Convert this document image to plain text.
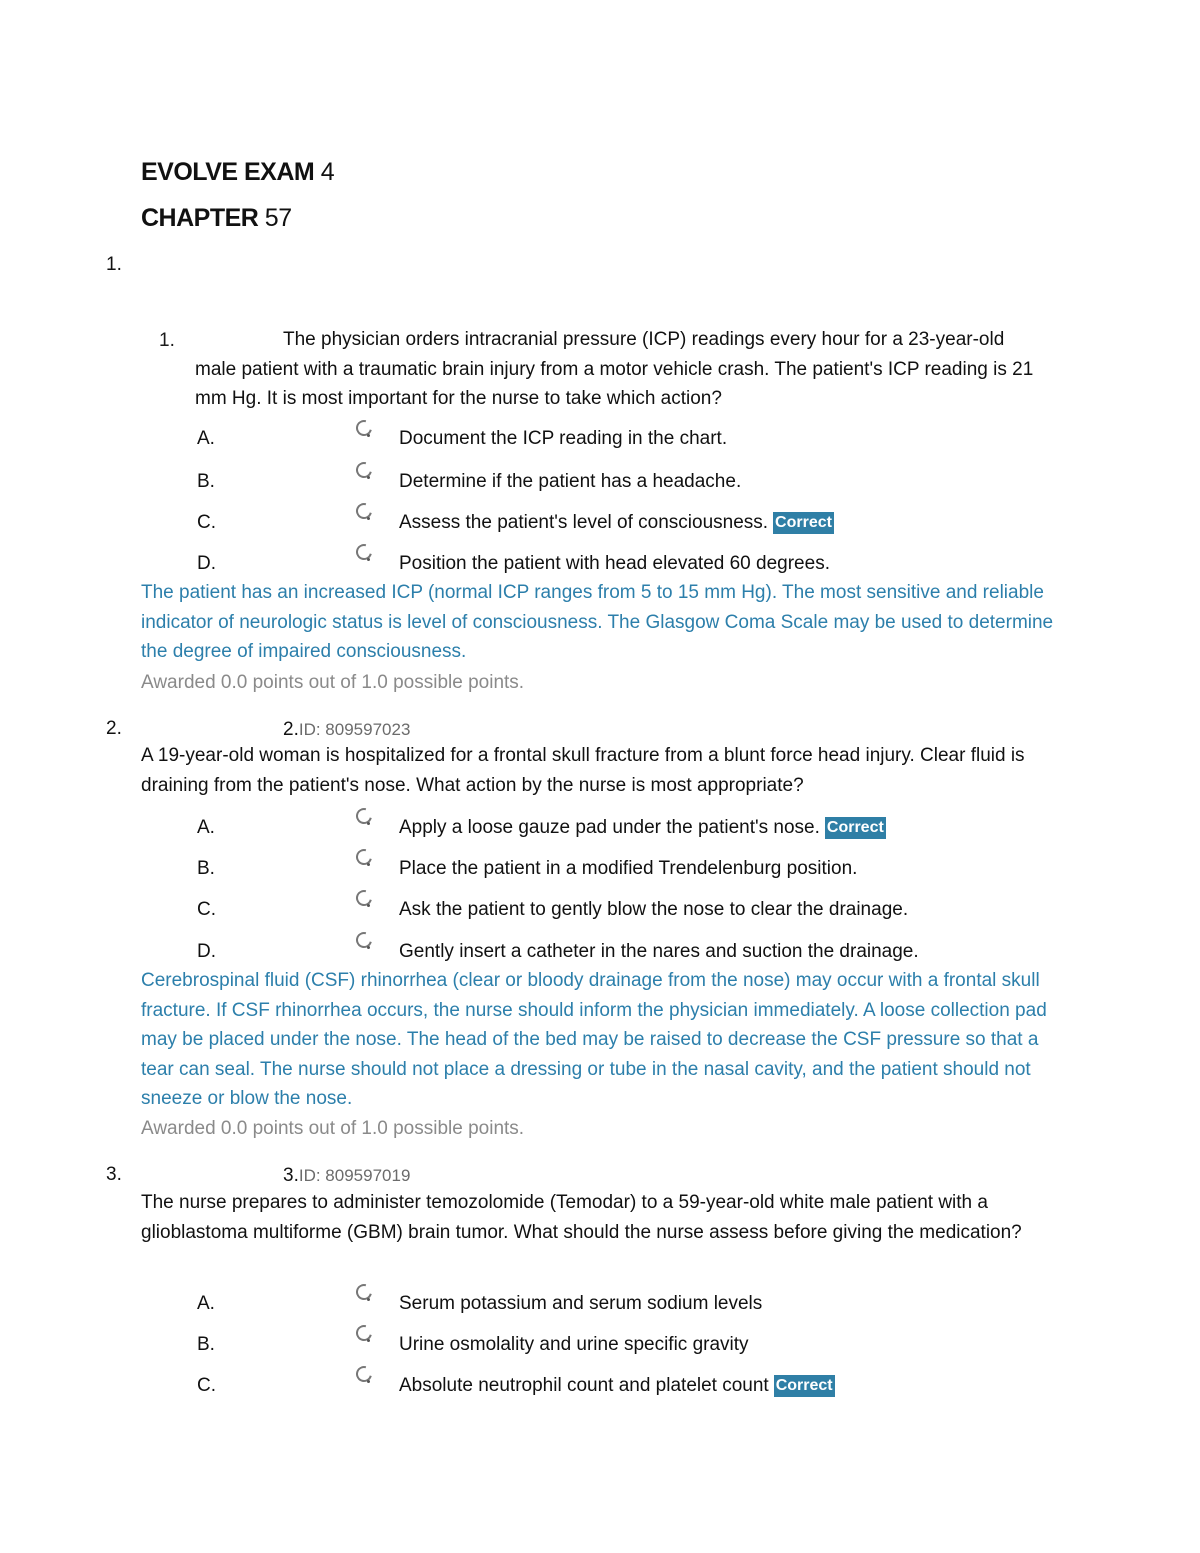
EVOLVE EXAM 4
CHAPTER 57
1.
1.	The physician orders intracranial pressure (ICP) readings every hour for a 23-year-old male patient with a traumatic brain injury from a motor vehicle crash. The patient's ICP reading is 21 mm Hg. It is most important for the nurse to take which action?
A.	Document the ICP reading in the chart.
B.	Determine if the patient has a headache.
C.	Assess the patient's level of consciousness. Correct
D.	Position the patient with head elevated 60 degrees.
The patient has an increased ICP (normal ICP ranges from 5 to 15 mm Hg). The most sensitive and reliable indicator of neurologic status is level of consciousness. The Glasgow Coma Scale may be used to determine the degree of impaired consciousness.
Awarded 0.0 points out of 1.0 possible points.
2.	2.ID: 809597023
A 19-year-old woman is hospitalized for a frontal skull fracture from a blunt force head injury. Clear fluid is draining from the patient's nose. What action by the nurse is most appropriate?
A.	Apply a loose gauze pad under the patient's nose. Correct
B.	Place the patient in a modified Trendelenburg position.
C.	Ask the patient to gently blow the nose to clear the drainage.
D.	Gently insert a catheter in the nares and suction the drainage.
Cerebrospinal fluid (CSF) rhinorrhea (clear or bloody drainage from the nose) may occur with a frontal skull fracture. If CSF rhinorrhea occurs, the nurse should inform the physician immediately. A loose collection pad may be placed under the nose. The head of the bed may be raised to decrease the CSF pressure so that a tear can seal. The nurse should not place a dressing or tube in the nasal cavity, and the patient should not sneeze or blow the nose.
Awarded 0.0 points out of 1.0 possible points.
3.	3.ID: 809597019
The nurse prepares to administer temozolomide (Temodar) to a 59-year-old white male patient with a glioblastoma multiforme (GBM) brain tumor. What should the nurse assess before giving the medication?
A.	Serum potassium and serum sodium levels
B.	Urine osmolality and urine specific gravity
C.	Absolute neutrophil count and platelet count Correct
